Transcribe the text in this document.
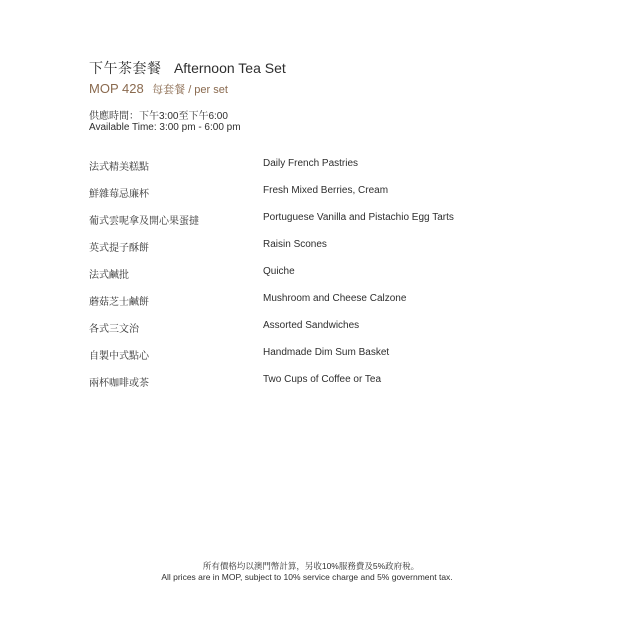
下午茶套餐 Afternoon Tea Set
MOP 428 每套餐 / per set
供應時間：下午3:00至下午6:00
Available Time: 3:00 pm - 6:00 pm
法式精美糕點	Daily French Pastries
鮮雜莓忌廉杯	Fresh Mixed Berries, Cream
葡式雲呢拿及開心果蛋撻	Portuguese Vanilla and Pistachio Egg Tarts
英式提子酥餅	Raisin Scones
法式鹹批	Quiche
蘑菇芝士鹹餅	Mushroom and Cheese Calzone
各式三文治	Assorted Sandwiches
自製中式點心	Handmade Dim Sum Basket
兩杯咖啡或茶	Two Cups of Coffee or Tea
所有價格均以澳門幣計算，另收10%服務費及5%政府稅。
All prices are in MOP, subject to 10% service charge and 5% government tax.
